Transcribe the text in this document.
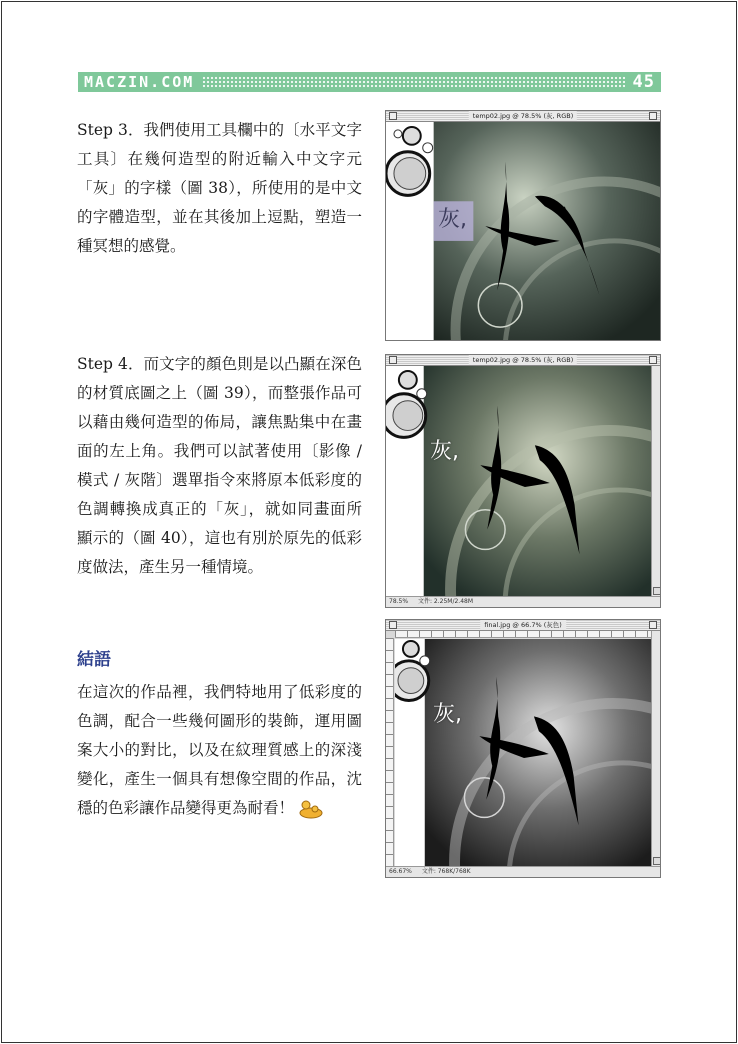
MACZIN.COM	45

Step 3．我們使用工具欄中的〔水平文字工具〕在幾何造型的附近輸入中文字元「灰」的字樣（圖 38），所使用的是中文的字體造型，並在其後加上逗點，塑造一種冥想的感覺。

Step 4．而文字的顏色則是以凸顯在深色的材質底圖之上（圖 39），而整張作品可以藉由幾何造型的佈局，讓焦點集中在畫面的左上角。我們可以試著使用〔影像 / 模式 / 灰階〕選單指令來將原本低彩度的色調轉換成真正的「灰」，就如同畫面所顯示的（圖 40），這也有別於原先的低彩度做法，產生另一種情境。

結語

在這次的作品裡，我們特地用了低彩度的色調，配合一些幾何圖形的裝飾，運用圖案大小的對比，以及在紋理質感上的深淺變化，產生一個具有想像空間的作品，沈穩的色彩讓作品變得更為耐看！

temp02.jpg @ 78.5% (灰, RGB)
灰,
temp02.jpg @ 78.5% (灰, RGB)
灰,
78.5% 文件: 2.25M/2.48M
final.jpg @ 66.7% (灰色)
灰,
66.67% 文件: 768K/768K
